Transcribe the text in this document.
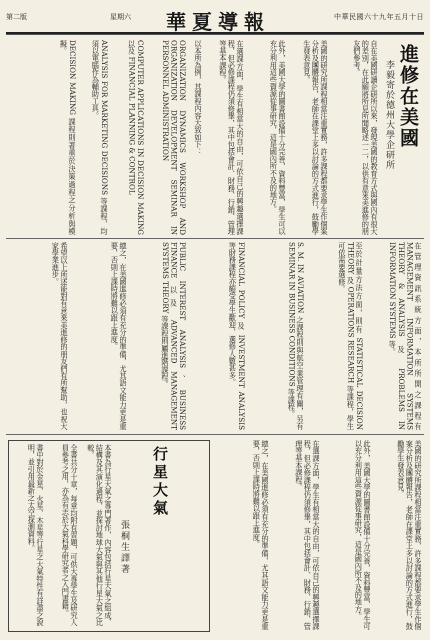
第二版	星期六 華夏導報	中華民國六十九年五月十日
進修在美國
李毅寄於德州大學企研所
自在美國研讀企研所以來，發現美國的教育方式與國內有很大的差別，在此願將所見所聞略述一二，以供有意來美進修的朋友們參考。
美國的研究所課程相當注重實務，許多課程都要求學生作個案分析及團體報告，老師在課堂上多以討論的方式進行，鼓勵學生發表意見。
此外，美國大學的圖書館設備十分完善，資料豐富，學生可以充分利用這些資源從事研究，這是國內所不及的地方。
在選課方面，學生有相當大的自由，可依自己的興趣選擇課程，但必修課程仍須修畢，其中包括會計、財務、行銷、管理等基本課程。
以本所為例，其課程內容大致如下：
ORGANIZATION DYNAMICS WORKSHOP AND ORGANIZATION DEVELOPMENT SEMINAR IN PERSONNEL ADMINISTRATION
COMPUTER APPLICATIONS IN DECISION MAKING 以及 FINANCIAL PLANNING & CONTROL
ANALYSIS FOR MARKETING DECISIONS 等課程，均須以電腦作為輔助工具。
DECISION MAKING 課程則著重於決策過程之分析與模擬。
在管理資訊系統方面，本所所開之課程有 MANAGEMENT INFORMATION SYSTEMS THEORY & ANALYSIS 及 PROBLEMS IN INFORMATION SYSTEMS 等。
至於計量方法方面，則有 STATISTICAL DECISION THEORY 及 OPERATIONS RESEARCH 等課程，學生可依需要選修。
S. M. IN AVIATION 之課程則與航空業管理有關，另有 SEMINAR IN BUSINESS CONDITIONS 等課程。
FINANCIAL POLICY 及 INVESTMENT ANALYSIS 等財務課程亦頗受學生歡迎，選修人數甚多。
PUBLIC INTEREST ANALYSIS、BUSINESS FINANCE 以及 ADVANCED MANAGEMENT SYSTEMS THEORY 等課程則屬進階課程。
總之，在美國進修必須有充分的準備，尤其語文能力更是重要，否則上課時將難以跟上進度。
希望以上所述能對有意來美進修的朋友們有所幫助，也祝大家學業進步。
行星大氣
張桐生譯著
本書為行星大氣之專門著作，內容包括行星大氣之組成、結構及其演化過程，並探討地球大氣與其他行星大氣之比較。
全書共分十章，每章均附有習題，可供大專學生及研究人員參考之用，亦為有志於大氣科學研究者之入門書籍。
書中對於金星、火星、木星等行星之大氣特性有詳盡之說明，並引用最新之太空探測資料。	美國的研究所課程相當注重實務，許多課程都要求學生作個案分析及團體報告，老師在課堂上多以討論的方式進行，鼓勵學生發表意見。
此外，美國大學的圖書館設備十分完善，資料豐富，學生可以充分利用這些資源從事研究，這是國內所不及的地方。
在選課方面，學生有相當大的自由，可依自己的興趣選擇課程，但必修課程仍須修畢，其中包括會計、財務、行銷、管理等基本課程。
總之，在美國進修必須有充分的準備，尤其語文能力更是重要，否則上課時將難以跟上進度。
